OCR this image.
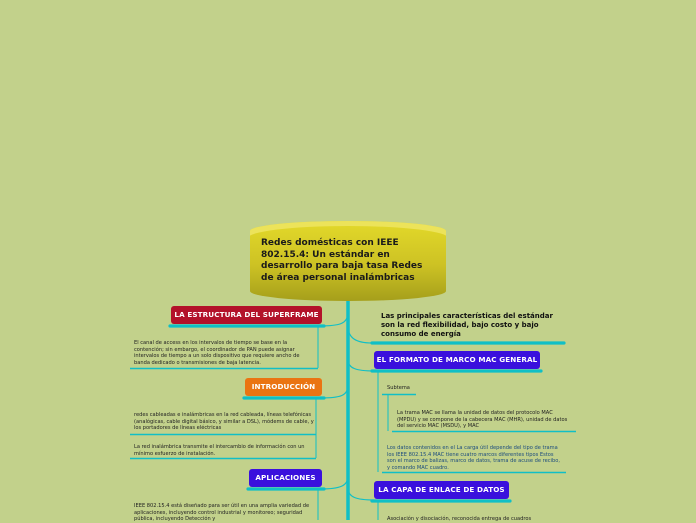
Redes domésticas con IEEE 802.15.4: Un estándar en desarrollo para baja tasa Redes de área personal inalámbricas
LA ESTRUCTURA DEL SUPERFRAME
El canal de access en los intervalos de tiempo se base en la contención; sin embargo, el coordinador de PAN puede asignar intervalos de tiempo a un solo dispositivo que requiere ancho de banda dedicado o transmisiones de baja latencia.
INTRODUCCIÓN
redes cableadas e inalámbricas en la red cableada, líneas telefónicas (analógicas, cable digital básico, y similar a DSL), módems de cable, y los portadores de líneas eléctricas
La red inalámbrica transmite el intercambio de información con un mínimo esfuerzo de instalación.
APLICACIONES
IEEE 802.15.4 está diseñado para ser útil en una amplia variedad de aplicaciones, incluyendo control industrial y monitoreo; seguridad pública, incluyendo Detección y
Las principales características del estándar son la red flexibilidad, bajo costo y bajo consumo de energía
EL FORMATO DE MARCO MAC GENERAL
Subtema
La trama MAC se llama la unidad de datos del protocolo MAC (MPDU) y se compone de la cabecera MAC (MHR), unidad de datos del servicio MAC (MSDU), y MAC
Los datos contenidos en el La carga útil depende del tipo de trama los IEEE 802.15.4 MAC tiene cuatro marcos diferentes tipos Estos son el marco de balizas, marco de datos, trama de acuse de recibo, y comando MAC cuadro.
LA CAPA DE ENLACE DE DATOS
Asociación y disociación, reconocida entrega de cuadros
